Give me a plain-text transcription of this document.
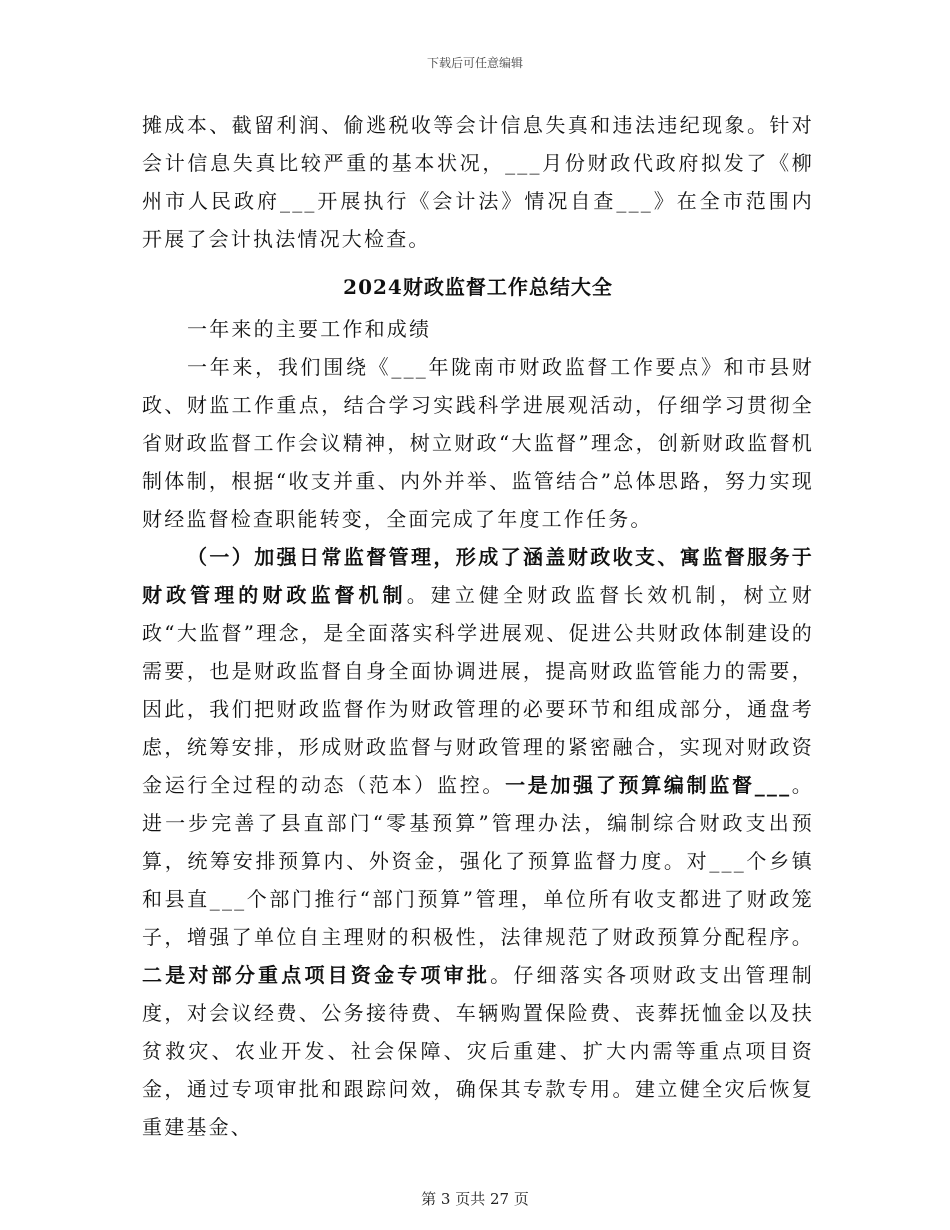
下载后可任意编辑

摊成本、截留利润、偷逃税收等会计信息失真和违法违纪现象。针对会计信息失真比较严重的基本状况，___月份财政代政府拟发了《柳州市人民政府___开展执行《会计法》情况自查___》在全市范围内开展了会计执法情况大检查。

2024财政监督工作总结大全

一年来的主要工作和成绩

一年来，我们围绕《___年陇南市财政监督工作要点》和市县财政、财监工作重点，结合学习实践科学进展观活动，仔细学习贯彻全省财政监督工作会议精神，树立财政“大监督”理念，创新财政监督机制体制，根据“收支并重、内外并举、监管结合”总体思路，努力实现财经监督检查职能转变，全面完成了年度工作任务。

（一）加强日常监督管理，形成了涵盖财政收支、寓监督服务于财政管理的财政监督机制。建立健全财政监督长效机制，树立财政“大监督”理念，是全面落实科学进展观、促进公共财政体制建设的需要，也是财政监督自身全面协调进展，提高财政监管能力的需要，因此，我们把财政监督作为财政管理的必要环节和组成部分，通盘考虑，统筹安排，形成财政监督与财政管理的紧密融合，实现对财政资金运行全过程的动态（范本）监控。一是加强了预算编制监督___。进一步完善了县直部门“零基预算”管理办法，编制综合财政支出预算，统筹安排预算内、外资金，强化了预算监督力度。对___个乡镇和县直___个部门推行“部门预算”管理，单位所有收支都进了财政笼子，增强了单位自主理财的积极性，法律规范了财政预算分配程序。二是对部分重点项目资金专项审批。仔细落实各项财政支出管理制度，对会议经费、公务接待费、车辆购置保险费、丧葬抚恤金以及扶贫救灾、农业开发、社会保障、灾后重建、扩大内需等重点项目资金，通过专项审批和跟踪问效，确保其专款专用。建立健全灾后恢复重建基金、

第 3 页共 27 页
